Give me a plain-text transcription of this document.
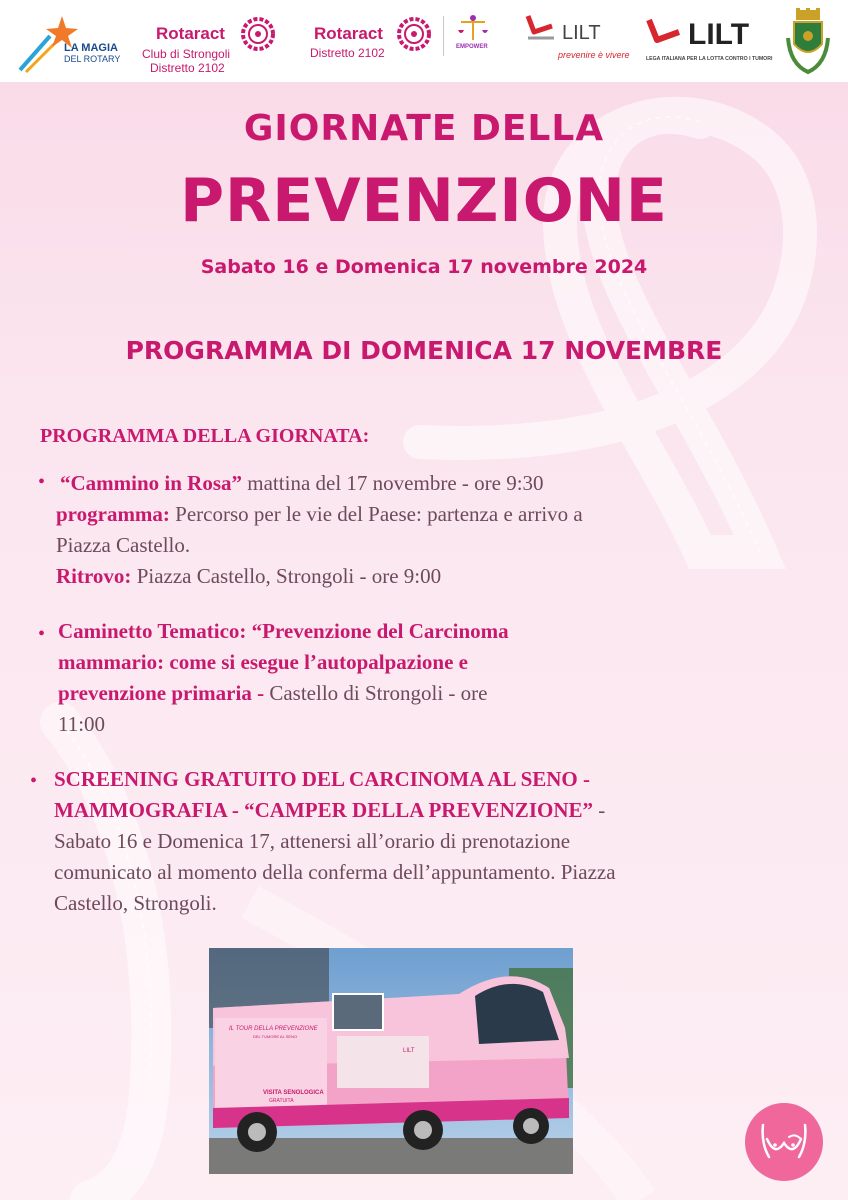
LA MAGIA
DEL ROTARY
Rotaract
Club di Strongoli
Distretto 2102
Rotaract
Distretto 2102	EMPOWER
LILT
prevenire è vivere
LILT
LEGA ITALIANA PER LA LOTTA CONTRO I TUMORI
GIORNATE DELLA
PREVENZIONE
Sabato 16 e Domenica 17 novembre 2024
PROGRAMMA DI DOMENICA 17 NOVEMBRE
PROGRAMMA DELLA GIORNATA:
• “Cammino in Rosa” mattina del 17 novembre - ore 9:30
programma: Percorso per le vie del Paese: partenza e arrivo a
Piazza Castello.
Ritrovo: Piazza Castello, Strongoli - ore 9:00
• Caminetto Tematico: “Prevenzione del Carcinoma
mammario: come si esegue l’autopalpazione e
prevenzione primaria - Castello di Strongoli - ore
11:00
• SCREENING GRATUITO DEL CARCINOMA AL SENO -
MAMMOGRAFIA - “CAMPER DELLA PREVENZIONE” -
Sabato 16 e Domenica 17, attenersi all’orario di prenotazione
comunicato al momento della conferma dell’appuntamento. Piazza
Castello, Strongoli.
IL TOUR DELLA PREVENZIONE
DEL TUMORE AL SENO
VISITA SENOLOGICA
GRATUITA
LILT
